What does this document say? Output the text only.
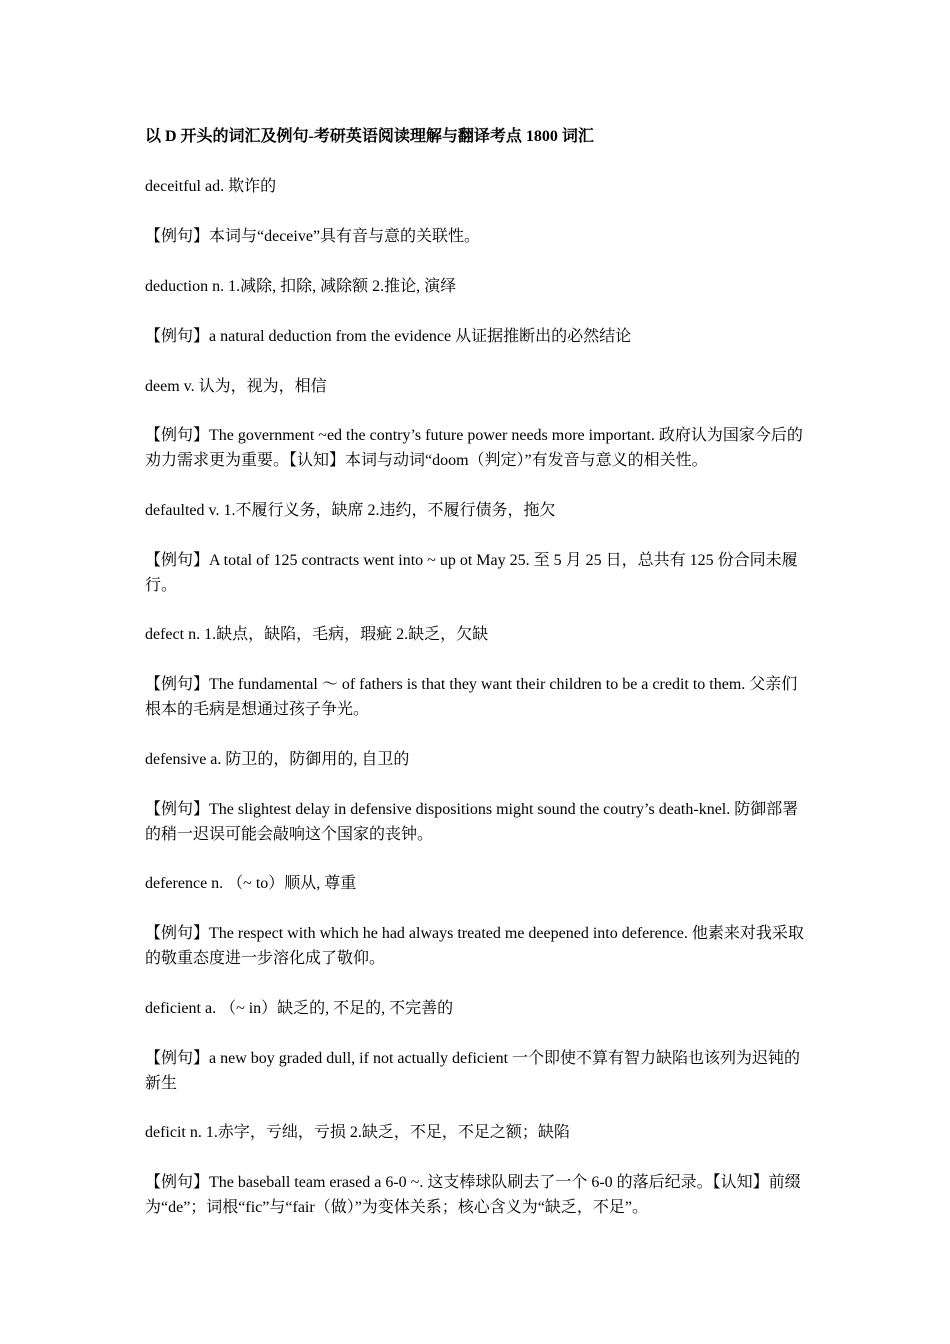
以 D 开头的词汇及例句-考研英语阅读理解与翻译考点 1800 词汇

deceitful ad. 欺诈的

【例句】本词与“deceive”具有音与意的关联性。

deduction n. 1.减除, 扣除, 减除额 2.推论, 演绎

【例句】a natural deduction from the evidence 从证据推断出的必然结论

deem v. 认为，视为，相信

【例句】The government ~ed the contry’s future power needs more important. 政府认为国家今后的劝力需求更为重要。【认知】本词与动词“doom（判定）”有发音与意义的相关性。

defaulted v. 1.不履行义务，缺席 2.违约，不履行债务，拖欠

【例句】A total of 125 contracts went into ~ up ot May 25. 至 5 月 25 日，总共有 125 份合同未履行。

defect n. 1.缺点，缺陷，毛病，瑕疵 2.缺乏，欠缺

【例句】The fundamental ～ of fathers is that they want their children to be a credit to them. 父亲们根本的毛病是想通过孩子争光。

defensive a. 防卫的，防御用的, 自卫的

【例句】The slightest delay in defensive dispositions might sound the coutry’s death-knel. 防御部署的稍一迟误可能会敲响这个国家的丧钟。

deference n. （~ to）顺从, 尊重

【例句】The respect with which he had always treated me deepened into deference. 他素来对我采取的敬重态度进一步溶化成了敬仰。

deficient a. （~ in）缺乏的, 不足的, 不完善的

【例句】a new boy graded dull, if not actually deficient 一个即使不算有智力缺陷也该列为迟钝的新生

deficit n. 1.赤字，亏绌，亏损 2.缺乏，不足，不足之额；缺陷

【例句】The baseball team erased a 6-0 ~. 这支棒球队刷去了一个 6-0 的落后纪录。【认知】前缀为“de”；词根“fic”与“fair（做）”为变体关系；核心含义为“缺乏，不足”。
